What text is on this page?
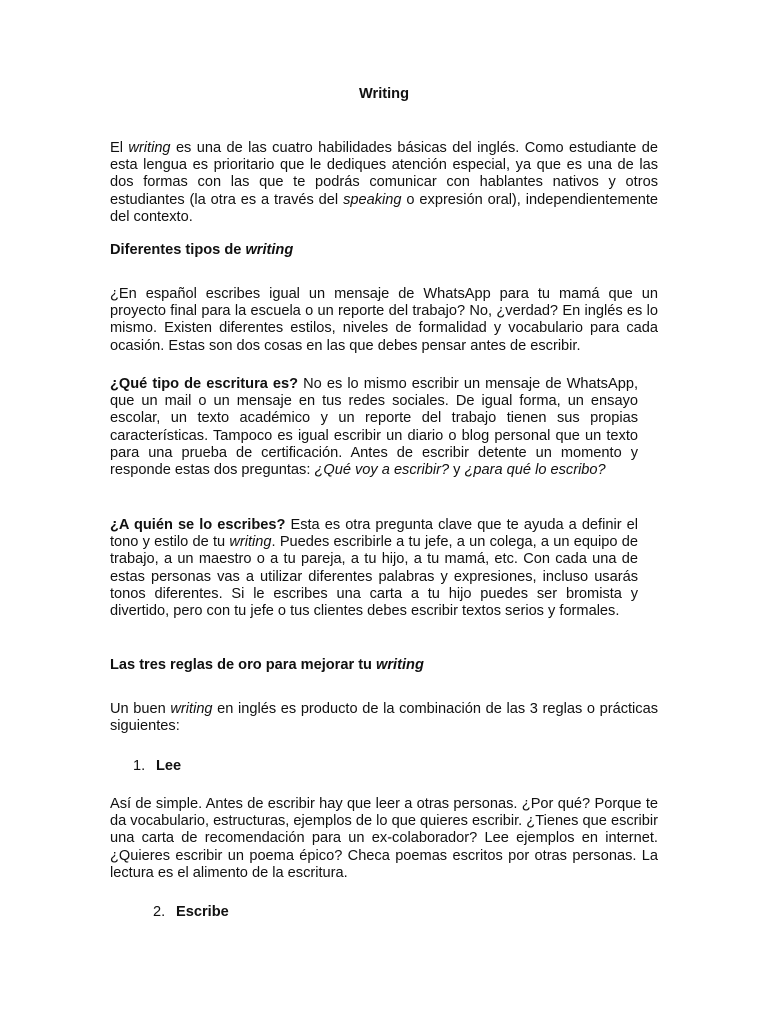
Writing

El writing es una de las cuatro habilidades básicas del inglés. Como estudiante de esta lengua es prioritario que le dediques atención especial, ya que es una de las dos formas con las que te podrás comunicar con hablantes nativos y otros estudiantes (la otra es a través del speaking o expresión oral), independientemente del contexto.

Diferentes tipos de writing

¿En español escribes igual un mensaje de WhatsApp para tu mamá que un proyecto final para la escuela o un reporte del trabajo? No, ¿verdad? En inglés es lo mismo. Existen diferentes estilos, niveles de formalidad y vocabulario para cada ocasión. Estas son dos cosas en las que debes pensar antes de escribir.

¿Qué tipo de escritura es? No es lo mismo escribir un mensaje de WhatsApp, que un mail o un mensaje en tus redes sociales. De igual forma, un ensayo escolar, un texto académico y un reporte del trabajo tienen sus propias características. Tampoco es igual escribir un diario o blog personal que un texto para una prueba de certificación. Antes de escribir detente un momento y responde estas dos preguntas: ¿Qué voy a escribir? y ¿para qué lo escribo?

¿A quién se lo escribes? Esta es otra pregunta clave que te ayuda a definir el tono y estilo de tu writing. Puedes escribirle a tu jefe, a un colega, a un equipo de trabajo, a un maestro o a tu pareja, a tu hijo, a tu mamá, etc. Con cada una de estas personas vas a utilizar diferentes palabras y expresiones, incluso usarás tonos diferentes. Si le escribes una carta a tu hijo puedes ser bromista y divertido, pero con tu jefe o tus clientes debes escribir textos serios y formales.

Las tres reglas de oro para mejorar tu writing

Un buen writing en inglés es producto de la combinación de las 3 reglas o prácticas siguientes:

1. Lee

Así de simple. Antes de escribir hay que leer a otras personas. ¿Por qué? Porque te da vocabulario, estructuras, ejemplos de lo que quieres escribir. ¿Tienes que escribir una carta de recomendación para un ex-colaborador? Lee ejemplos en internet. ¿Quieres escribir un poema épico? Checa poemas escritos por otras personas. La lectura es el alimento de la escritura.

2. Escribe
